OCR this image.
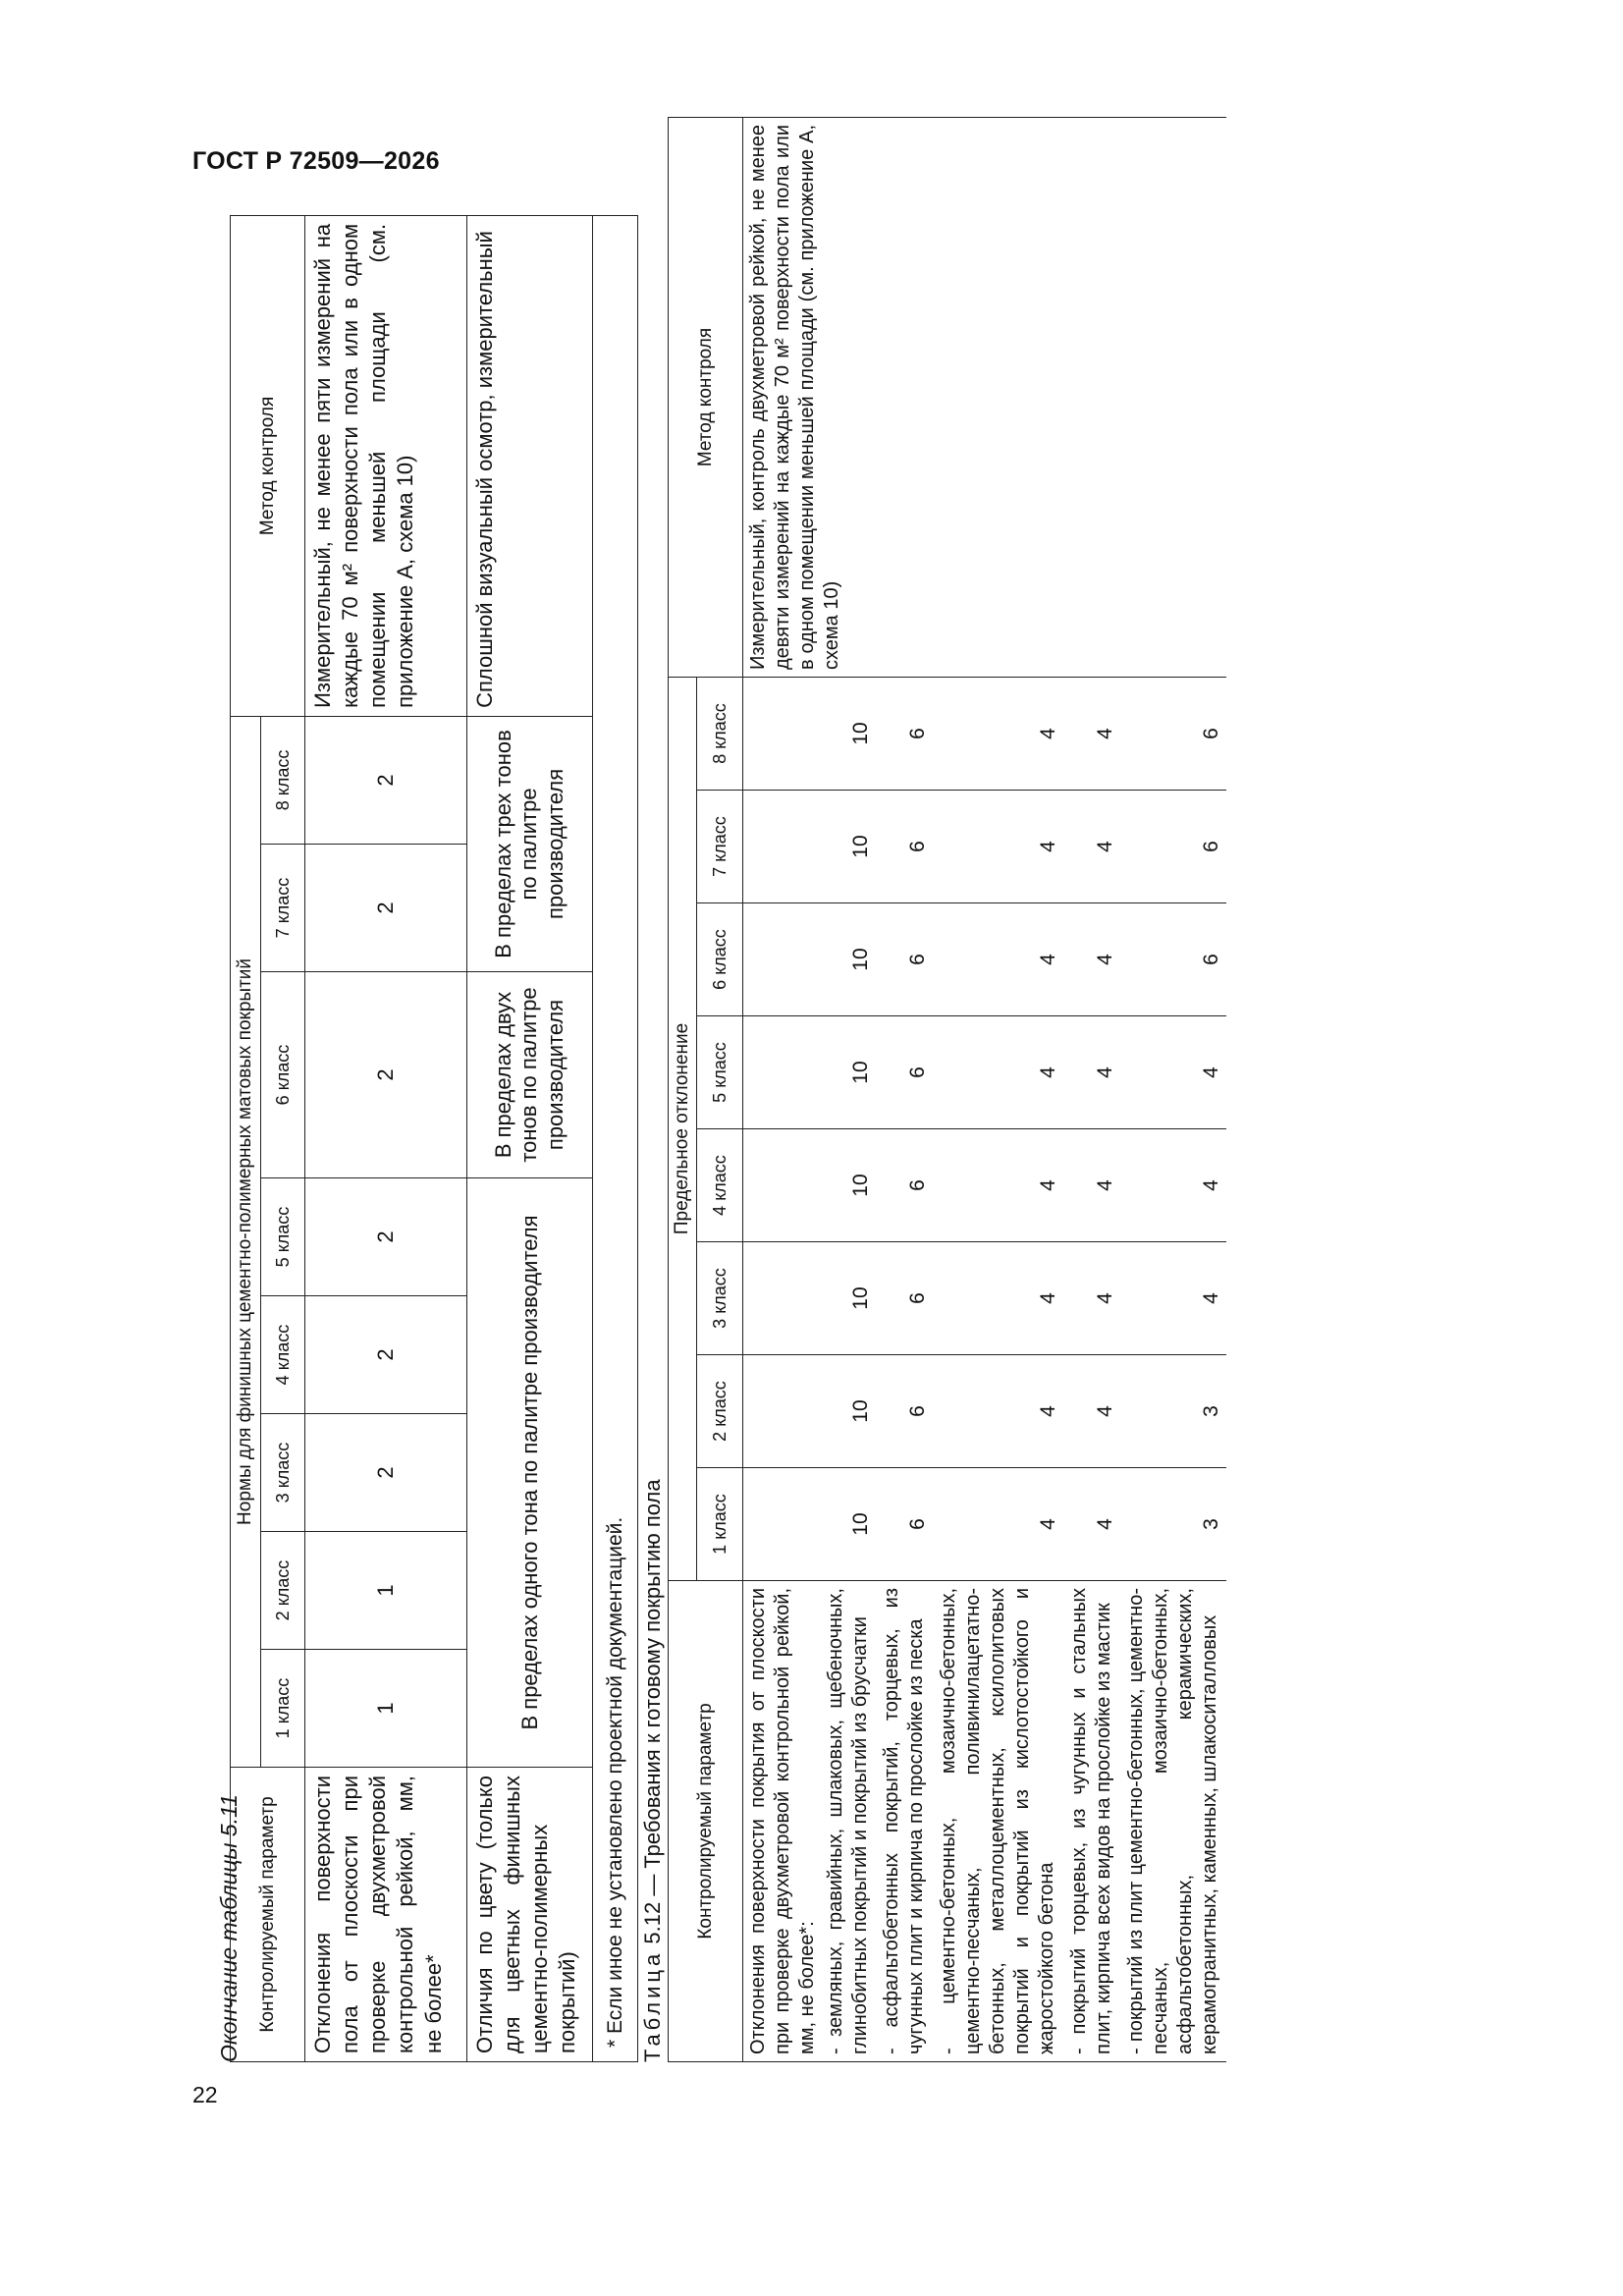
ГОСТ Р 72509—2026
22
Окончание таблицы 5.11 Контролируемый параметр	Нормы для финишных цементно-полимерных матовых покрытий								Метод контроля
	1 класс	2 класс	3 класс	4 класс	5 класс	6 класс	7 класс	8 класс	
Отклонения поверхности пола от плоскости при проверке двухметровой контрольной рейкой, мм, не более*	1	1	2	2	2	2	2	2	Измерительный, не менее пяти измерений на каждые 70 м² поверхности пола или в одном помещении меньшей площади (см. приложение А, схема 10)
Отличия по цвету (только для цветных финишных цементно-полимерных покрытий)	В пределах одного тона по палитре производителя					В пределах двух тонов по палитре производителя	В пределах трех тонов по палитре производителя		Сплошной визуальный осмотр, измерительный
* Если иное не установлено проектной документацией.									Таблица 5.12 — Требования к готовому покрытию пола Контролируемый параметр	Предельное отклонение								Метод контроля
	1 класс	2 класс	3 класс	4 класс	5 класс	6 класс	7 класс	8 класс	

Отклонения поверхности покрытия от плоскости при проверке двухметровой контрольной рейкой, мм, не более*: - земляных, гравийных, шлаковых, щебеночных, глинобитных покрытий и покрытий из брусчатки	10	10	10	10	10	10	10	10	Измерительный, контроль двухметровой рейкой, не менее девяти измерений на каждые 70 м² поверхности пола или в одном помещении меньшей площади (см. приложение А, схема 10)
- асфальтобетонных покрытий, торцевых, из чугунных плит и кирпича по прослойке из песка	6	6	6	6	6	6	6	6	
- цементно-бетонных, мозаично-бетонных, цементно-песчаных, поливинилацетатно-бетонных, металлоцементных, ксилолитовых покрытий и покрытий из кислотостойкого и жаростойкого бетона	4	4	4	4	4	4	4	4	
- покрытий торцевых, из чугунных и стальных плит, кирпича всех видов на прослойке из мастик	4	4	4	4	4	4	4	4	
- покрытий из плит цементно-бетонных, цементно-песчаных, мозаично-бетонных, асфальтобетонных, керамических, керамогранитных, каменных, шлакоситалловых	3	3	4	4	4	6	6	6	
